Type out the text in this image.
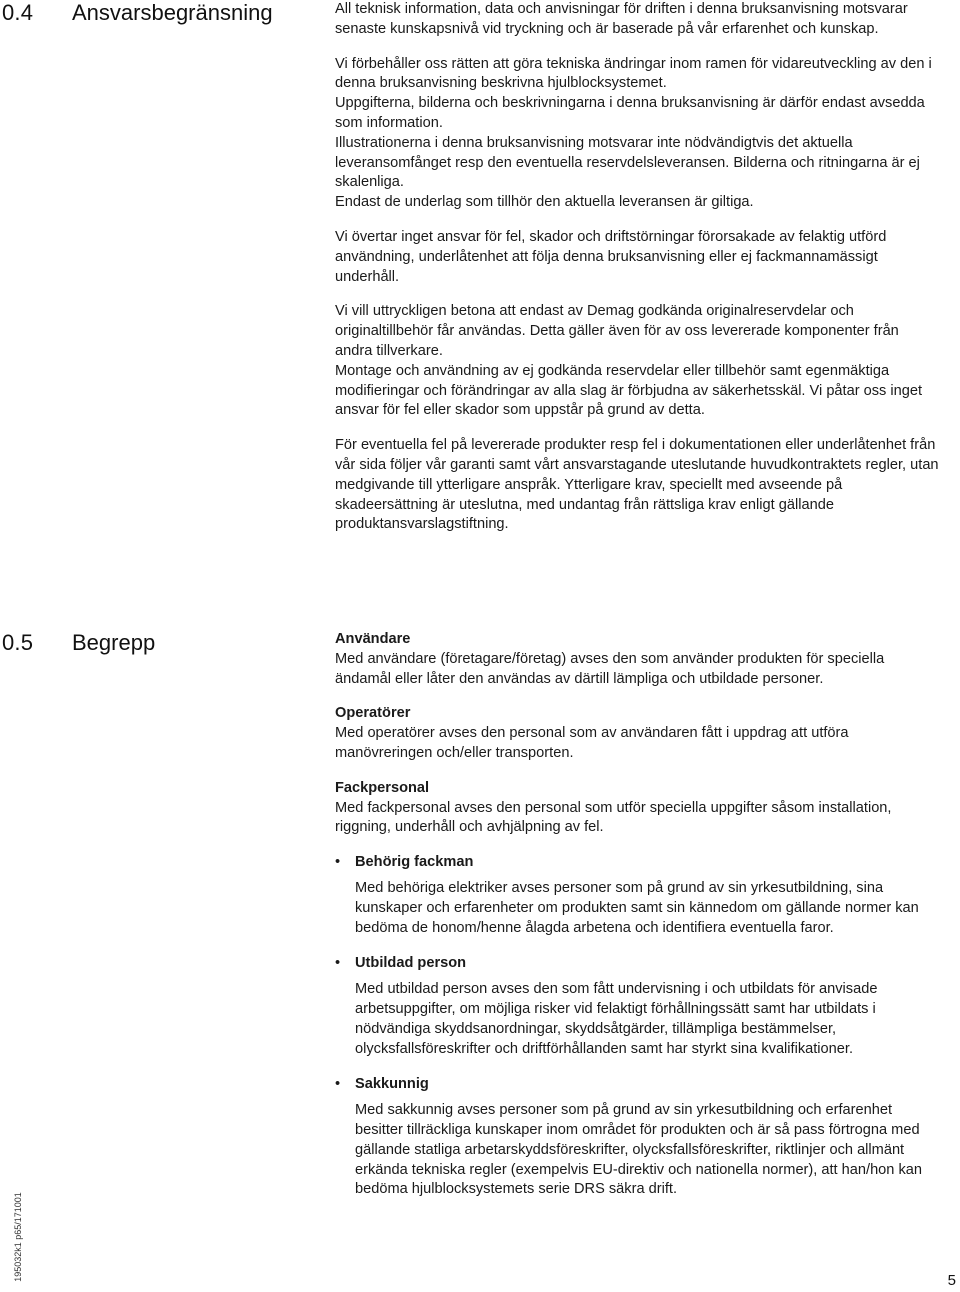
0.4 Ansvarsbegränsning	All teknisk information, data och anvisningar för driften i denna bruksanvisning motsvarar senaste kunskapsnivå vid tryckning och är baserade på vår erfarenhet och kunskap.

Vi förbehåller oss rätten att göra tekniska ändringar inom ramen för vidareutveckling av den i denna bruksanvisning beskrivna hjulblocksystemet.

Uppgifterna, bilderna och beskrivningarna i denna bruksanvisning är därför endast avsedda som information.

Illustrationerna i denna bruksanvisning motsvarar inte nödvändigtvis det aktuella leveransomfånget resp den eventuella reservdelsleveransen. Bilderna och ritningarna är ej skalenliga.

Endast de underlag som tillhör den aktuella leveransen är giltiga.

Vi övertar inget ansvar för fel, skador och driftstörningar förorsakade av felaktig utförd användning, underlåtenhet att följa denna bruksanvisning eller ej fackmannamässigt underhåll.

Vi vill uttryckligen betona att endast av Demag godkända originalreservdelar och originaltillbehör får användas. Detta gäller även för av oss levererade komponenter från andra tillverkare.

Montage och användning av ej godkända reservdelar eller tillbehör samt egenmäktiga modifieringar och förändringar av alla slag är förbjudna av säkerhetsskäl. Vi påtar oss inget ansvar för fel eller skador som uppstår på grund av detta.

För eventuella fel på levererade produkter resp fel i dokumentationen eller underlåtenhet från vår sida följer vår garanti samt vårt ansvarstagande uteslutande huvudkontraktets regler, utan medgivande till ytterligare anspråk. Ytterligare krav, speciellt med avseende på skadeersättning är uteslutna, med undantag från rättsliga krav enligt gällande produktansvarslagstiftning.

0.5 Begrepp	Användare

Med användare (företagare/företag) avses den som använder produkten för speciella ändamål eller låter den användas av därtill lämpliga och utbildade personer.

Operatörer

Med operatörer avses den personal som av användaren fått i uppdrag att utföra manövreringen och/eller transporten.

Fackpersonal

Med fackpersonal avses den personal som utför speciella uppgifter såsom installation, riggning, underhåll och avhjälpning av fel.

• Behörig fackman
Med behöriga elektriker avses personer som på grund av sin yrkesutbildning, sina kunskaper och erfarenheter om produkten samt sin kännedom om gällande normer kan bedöma de honom/henne ålagda arbetena och identifiera eventuella faror.
• Utbildad person
Med utbildad person avses den som fått undervisning i och utbildats för anvisade arbetsuppgifter, om möjliga risker vid felaktigt förhållningssätt samt har utbildats i nödvändiga skyddsanordningar, skyddsåtgärder, tillämpliga bestämmelser, olycksfallsföreskrifter och driftförhållanden samt har styrkt sina kvalifikationer.
• Sakkunnig
Med sakkunnig avses personer som på grund av sin yrkesutbildning och erfarenhet besitter tillräckliga kunskaper inom området för produkten och är så pass förtrogna med gällande statliga arbetarskyddsföreskrifter, olycksfallsföreskrifter, riktlinjer och allmänt erkända tekniska regler (exempelvis EU-direktiv och nationella normer), att han/hon kan bedöma hjulblocksystemets serie DRS säkra drift.
195032k1 p65/171001	5
